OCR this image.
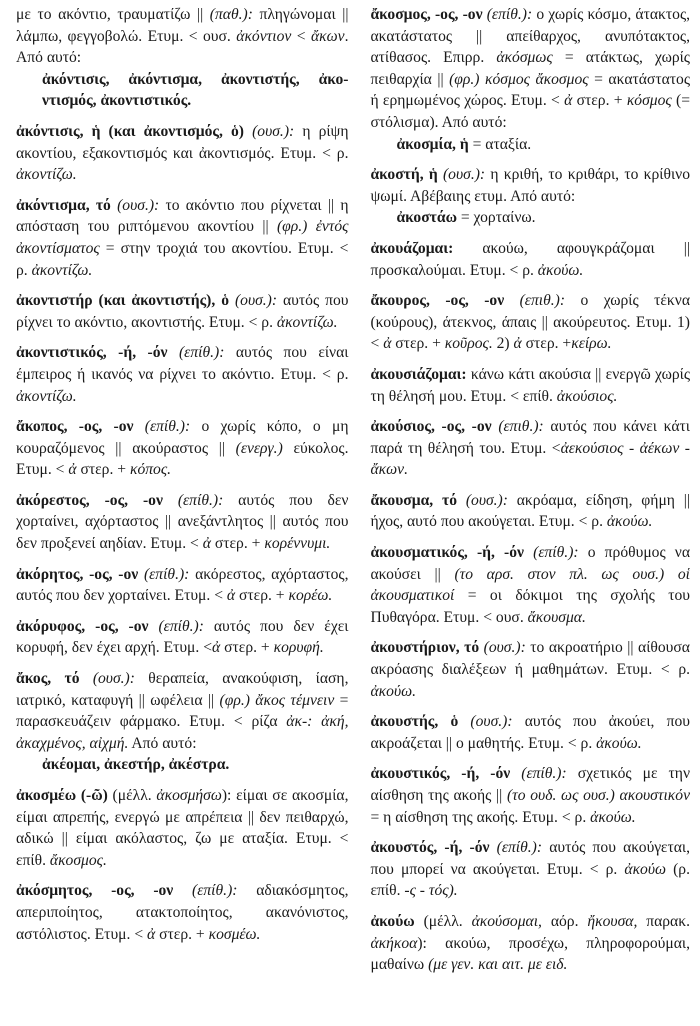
με το ακόντιο, τραυματίζω || (παθ.): πληγώνομαι || λάμπω, φεγγοβολώ. Ετυμ. < ουσ. ἀκόντιον < ἄκων. Από αυτό:
ἀκόντισις, ἀκόντισμα, ἀκοντιστής, ἀκοντισμός, ἀκοντιστικός.
ἀκόντισις, ἡ (και ἀκοντισμός, ὁ) (ουσ.): η ρίψη ακοντίου, εξακοντισμός και ἀκοντισμός. Ετυμ. < ρ. ἀκοντίζω.
ἀκόντισμα, τό (ουσ.): το ακόντιο που ρίχνεται || η απόσταση του ριπτόμενου ακοντίου || (φρ.) ἐντός ἀκοντίσματος = στην τροχιά του ακοντίου. Ετυμ. < ρ. ἀκοντίζω.
ἀκοντιστήρ (και ἀκοντιστής), ὁ (ουσ.): αυτός που ρίχνει το ακόντιο, ακοντιστής. Ετυμ. < ρ. ἀκοντίζω.
ἀκοντιστικός, -ή, -όν (επίθ.): αυτός που είναι έμπειρος ή ικανός να ρίχνει το ακόντιο. Ετυμ. < ρ. ἀκοντίζω.
ἄκοπος, -ος, -ον (επίθ.): ο χωρίς κόπο, ο μη κουραζόμενος || ακούραστος || (ενεργ.) εύκολος. Ετυμ. < ἀ στερ. + κόπος.
ἀκόρεστος, -ος, -ον (επίθ.): αυτός που δεν χορταίνει, αχόρταστος || ανεξάντλητος || αυτός που δεν προξενεί αηδίαν. Ετυμ. < ἀ στερ. + κορέννυμι.
ἀκόρητος, -ος, -ον (επίθ.): ακόρεστος, αχόρταστος, αυτός που δεν χορταίνει. Ετυμ. < ἀ στερ. + κορέω.
ἀκόρυφος, -ος, -ον (επίθ.): αυτός που δεν έχει κορυφή, δεν έχει αρχή. Ετυμ. <ἀ στερ. + κορυφή.
ἄκος, τό (ουσ.): θεραπεία, ανακούφιση, ίαση, ιατρικό, καταφυγή || ωφέλεια || (φρ.) ἄκος τέμνειν = παρασκευάζειν φάρμακο. Ετυμ. < ρίζα ἀκ-: ἀκή, ἀκαχμένος, αἰχμή. Από αυτό:
ἀκέομαι, ἀκεστήρ, ἀκέστρα.
ἀκοσμέω (-ῶ) (μέλλ. ἀκοσμήσω): είμαι σε ακοσμία, είμαι απρεπής, ενεργώ με απρέπεια || δεν πειθαρχώ, αδικώ || είμαι ακόλαστος, ζω με αταξία. Ετυμ. < επίθ. ἄκοσμος.
ἀκόσμητος, -ος, -ον (επίθ.): αδιακόσμητος, απεριποίητος, ατακτοποίητος, ακανόνιστος, αστόλιστος. Ετυμ. < ἀ στερ. + κοσμέω.
ἄκοσμος, -ος, -ον (επίθ.): ο χωρίς κόσμο, άτακτος, ακατάστατος || απείθαρχος, ανυπότακτος, ατίθασος. Επιρρ. ἀκόσμως = ατάκτως, χωρίς πειθαρχία || (φρ.) κόσμος ἄκοσμος = ακατάστατος ή ερημωμένος χώρος. Ετυμ. < ἀ στερ. + κόσμος (= στόλισμα). Από αυτό:
ἀκοσμία, ἡ = αταξία.
ἀκοστή, ἡ (ουσ.): η κριθή, το κριθάρι, το κρίθινο ψωμί. Αβέβαιης ετυμ. Από αυτό:
ἀκοστάω = χορταίνω.
ἀκουάζομαι: ακούω, αφουγκράζομαι || προσκαλούμαι. Ετυμ. < ρ. ἀκούω.
ἄκουρος, -ος, -ον (επιθ.): ο χωρίς τέκνα (κούρους), άτεκνος, άπαις || ακούρευτος. Ετυμ. 1) < ἀ στερ. + κοῦρος. 2) ἀ στερ. +κείρω.
ἀκουσιάζομαι: κάνω κάτι ακούσια || ενεργῶ χωρίς τη θέλησή μου. Ετυμ. < επίθ. ἀκούσιος.
ἀκούσιος, -ος, -ον (επιθ.): αυτός που κάνει κάτι παρά τη θέλησή του. Ετυμ. <ἀεκούσιος - ἀέκων - ἄκων.
ἄκουσμα, τό (ουσ.): ακρόαμα, είδηση, φήμη || ήχος, αυτό που ακούγεται. Ετυμ. < ρ. ἀκούω.
ἀκουσματικός, -ή, -όν (επίθ.): ο πρόθυμος να ακούσει || (το αρσ. στον πλ. ως ουσ.) οἱ ἀκουσματικοί = οι δόκιμοι της σχολής του Πυθαγόρα. Ετυμ. < ουσ. ἄκουσμα.
ἀκουστήριον, τό (ουσ.): το ακροατήριο || αίθουσα ακρόασης διαλέξεων ή μαθημάτων. Ετυμ. < ρ. ἀκούω.
ἀκουστής, ὁ (ουσ.): αυτός που ἀκούει, που ακροάζεται || ο μαθητής. Ετυμ. < ρ. ἀκούω.
ἀκουστικός, -ή, -όν (επίθ.): σχετικός με την αίσθηση της ακοής || (το ουδ. ως ουσ.) ακουστικόν = η αίσθηση της ακοής. Ετυμ. < ρ. ἀκούω.
ἀκουστός, -ή, -όν (επίθ.): αυτός που ακούγεται, που μπορεί να ακούγεται. Ετυμ. < ρ. ἀκούω (ρ. επίθ. -ς - τός).
ἀκούω (μέλλ. ἀκούσομαι, αόρ. ἤκουσα, παρακ. ἀκήκοα): ακούω, προσέχω, πληροφορούμαι, μαθαίνω (με γεν. και αιτ. με ειδ.
